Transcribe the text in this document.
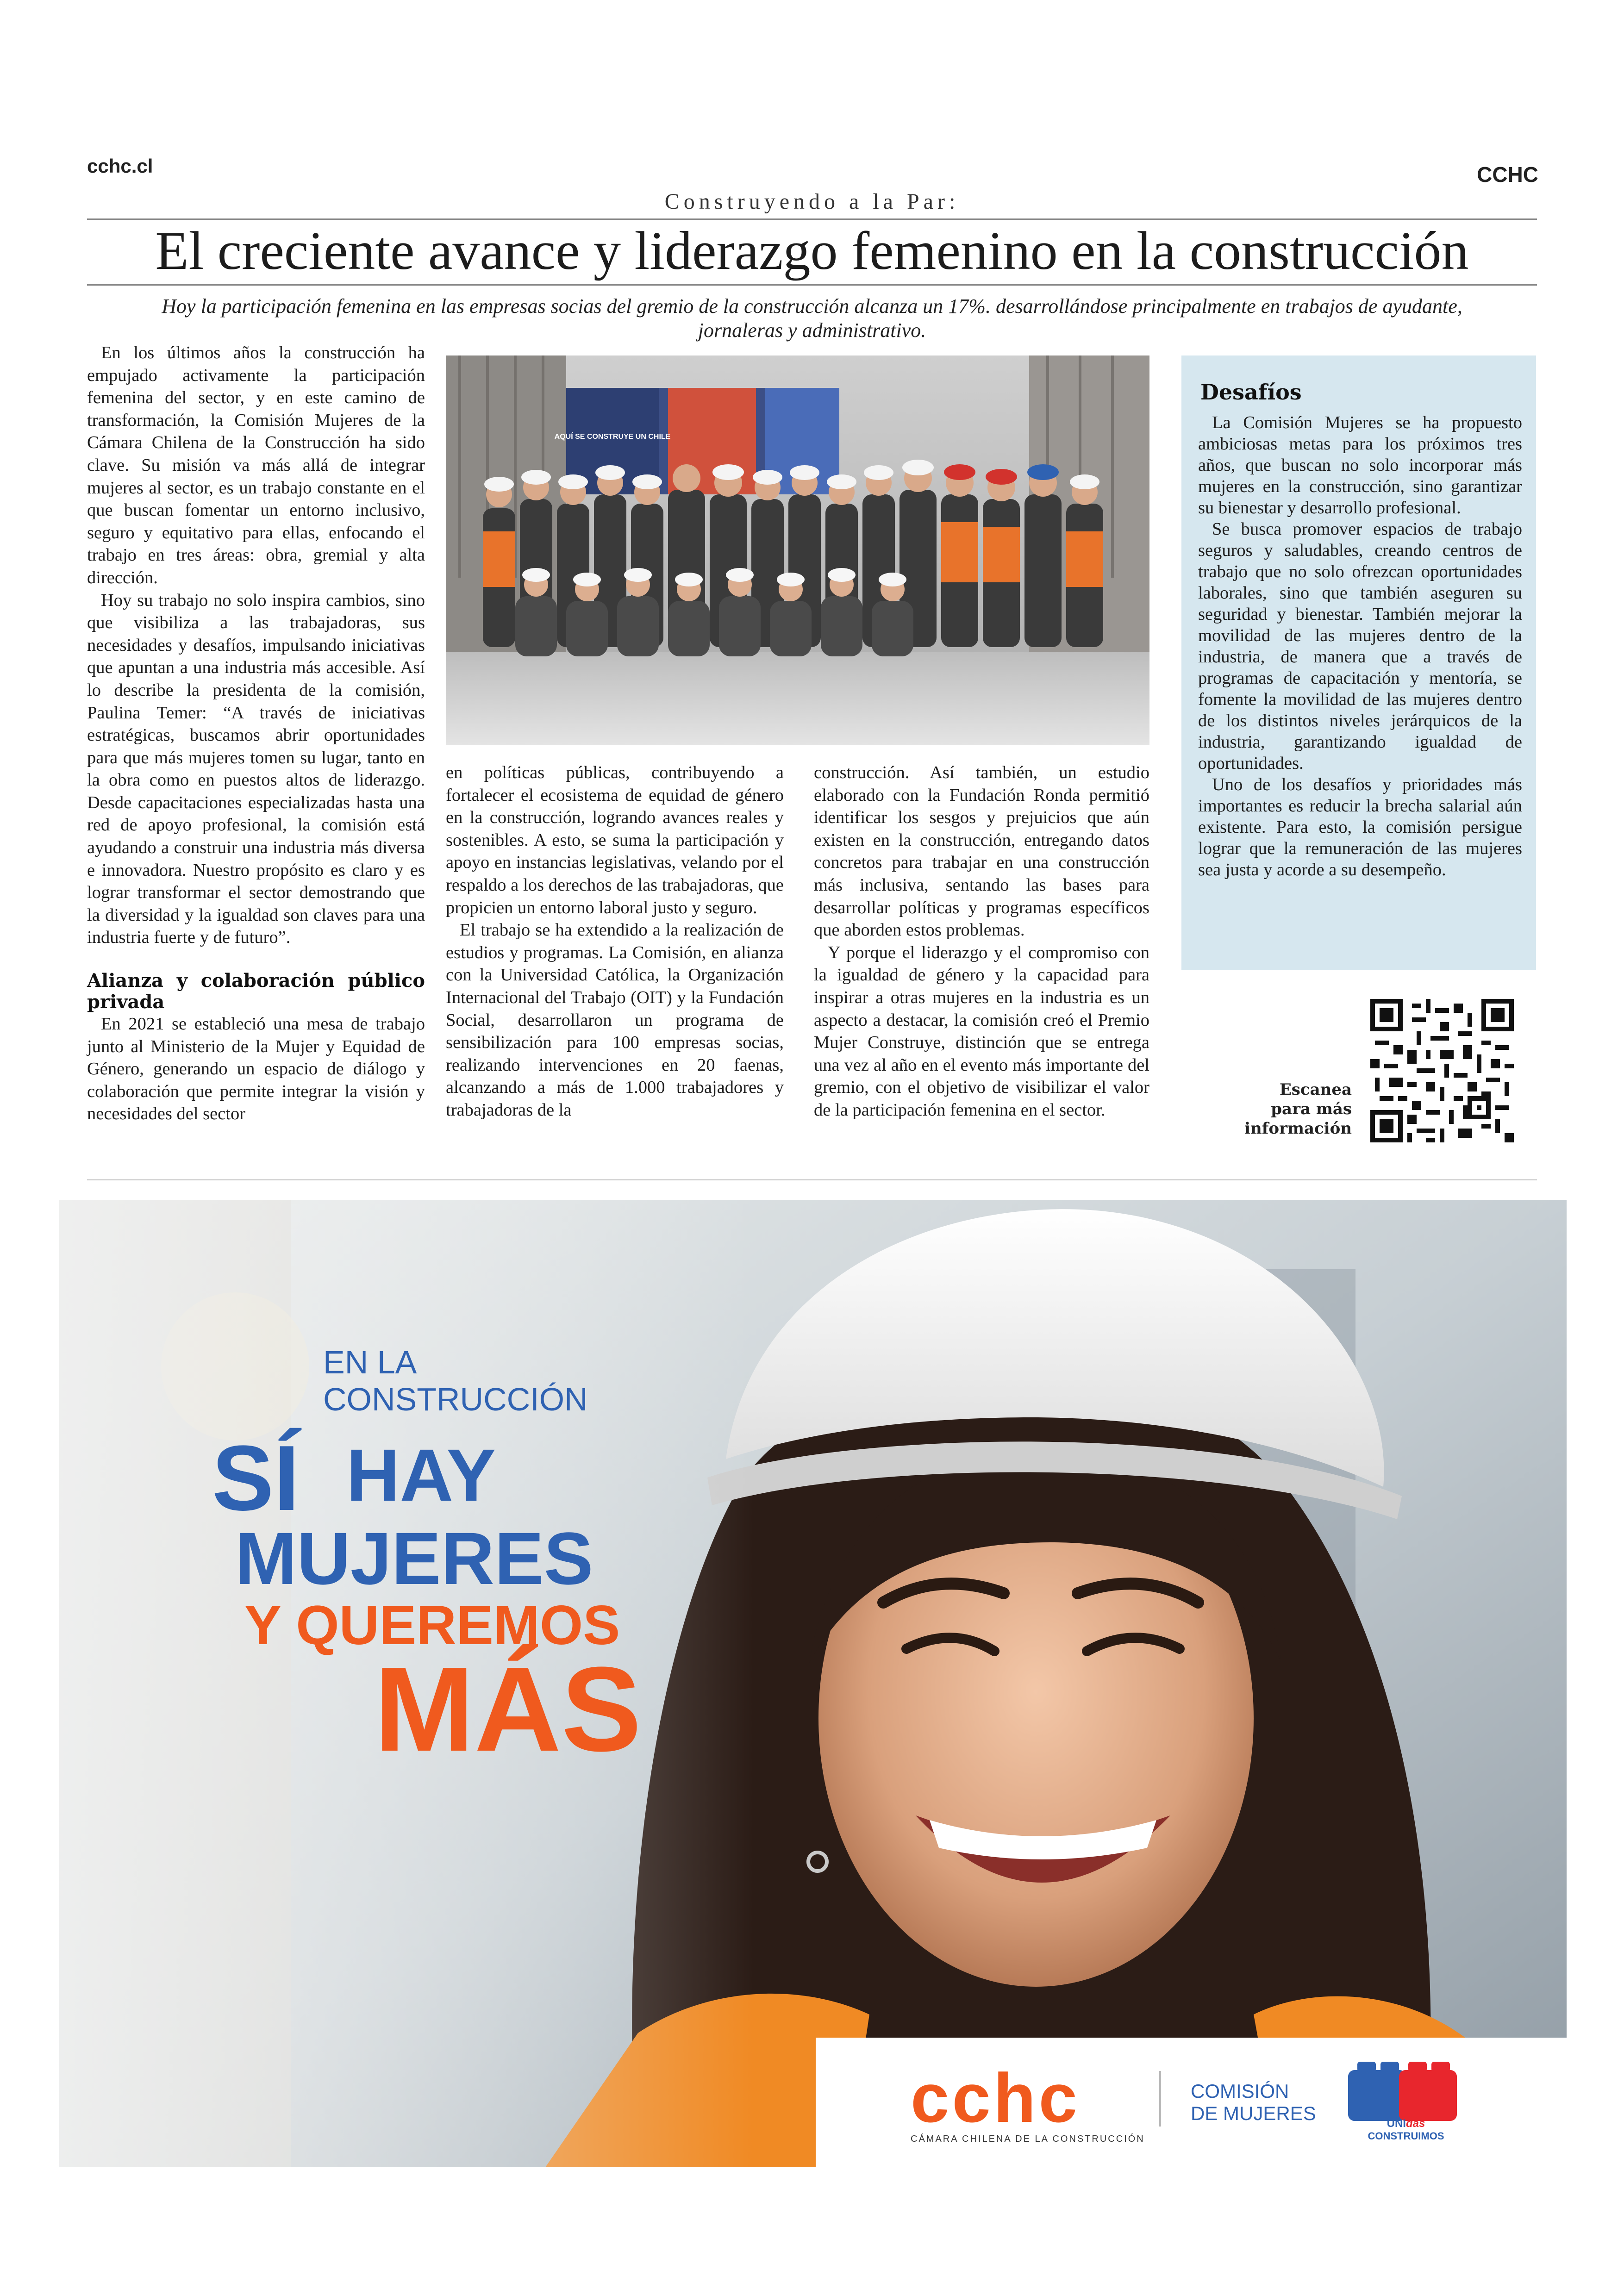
cchc.cl	CCHC
Construyendo a la Par:
El creciente avance y liderazgo femenino en la construcción
Hoy la participación femenina en las empresas socias del gremio de la construcción alcanza un 17%. desarrollándose principalmente en trabajos de ayudante,
jornaleras y administrativo.

En los últimos años la construcción ha empujado activamente la participación femenina del sector, y en este camino de transformación, la Comisión Mujeres de la Cámara Chilena de la Construcción ha sido clave. Su misión va más allá de integrar mujeres al sector, es un trabajo constante en el que buscan fomentar un entorno inclusivo, seguro y equitativo para ellas, enfocando el trabajo en tres áreas: obra, gremial y alta dirección.

Hoy su trabajo no solo inspira cambios, sino que visibiliza a las trabajadoras, sus necesidades y desafíos, impulsando iniciativas que apuntan a una industria más accesible. Así lo describe la presidenta de la comisión, Paulina Temer: “A través de iniciativas estratégicas, buscamos abrir oportunidades para que más mujeres tomen su lugar, tanto en la obra como en puestos altos de liderazgo. Desde capacitaciones especializadas hasta una red de apoyo profesional, la comisión está ayudando a construir una industria más diversa e innovadora. Nuestro propósito es claro y es lograr transformar el sector demostrando que la diversidad y la igualdad son claves para una industria fuerte y de futuro”.

Alianza y colaboración público privada

En 2021 se estableció una mesa de trabajo junto al Ministerio de la Mujer y Equidad de Género, generando un espacio de diálogo y colaboración que permite integrar la visión y necesidades del sector

AQUÍ SE CONSTRUYE UN CHILE

en políticas públicas, contribuyendo a fortalecer el ecosistema de equidad de género en la construcción, logrando avances reales y sostenibles. A esto, se suma la participación y apoyo en instancias legislativas, velando por el respaldo a los derechos de las trabajadoras, que propicien un entorno laboral justo y seguro.

El trabajo se ha extendido a la realización de estudios y programas. La Comisión, en alianza con la Universidad Católica, la Organización Internacional del Trabajo (OIT) y la Fundación Social, desarrollaron un programa de sensibilización para 100 empresas socias, realizando intervenciones en 20 faenas, alcanzando a más de 1.000 trabajadores y trabajadoras de la

construcción. Así también, un estudio elaborado con la Fundación Ronda permitió identificar los sesgos y prejuicios que aún existen en la construcción, entregando datos concretos para trabajar en una construcción más inclusiva, sentando las bases para desarrollar políticas y programas específicos que aborden estos problemas.

Y porque el liderazgo y el compromiso con la igualdad de género y la capacidad para inspirar a otras mujeres en la industria es un aspecto a destacar, la comisión creó el Premio Mujer Construye, distinción que se entrega una vez al año en el evento más importante del gremio, con el objetivo de visibilizar el valor de la participación femenina en el sector.

Desafíos

La Comisión Mujeres se ha propuesto ambiciosas metas para los próximos tres años, que buscan no solo incorporar más mujeres en la construcción, sino garantizar su bienestar y desarrollo profesional.

Se busca promover espacios de trabajo seguros y saludables, creando centros de trabajo que no solo ofrezcan oportunidades laborales, sino que también aseguren su seguridad y bienestar. También mejorar la movilidad de las mujeres dentro de la industria, de manera que a través de programas de capacitación y mentoría, se fomente la movilidad de las mujeres dentro de los distintos niveles jerárquicos de la industria, garantizando igualdad de oportunidades.

Uno de los desafíos y prioridades más importantes es reducir la brecha salarial aún existente. Para esto, la comisión persigue lograr que la remuneración de las mujeres sea justa y acorde a su desempeño.

Escanea
para más
información
EN LA
CONSTRUCCIÓN
SÍ HAY
MUJERES
Y QUEREMOS
MÁS
cchc
CÁMARA CHILENA DE LA CONSTRUCCIÓN
COMISIÓN
DE MUJERES	UNIdas
CONSTRUIMOS
